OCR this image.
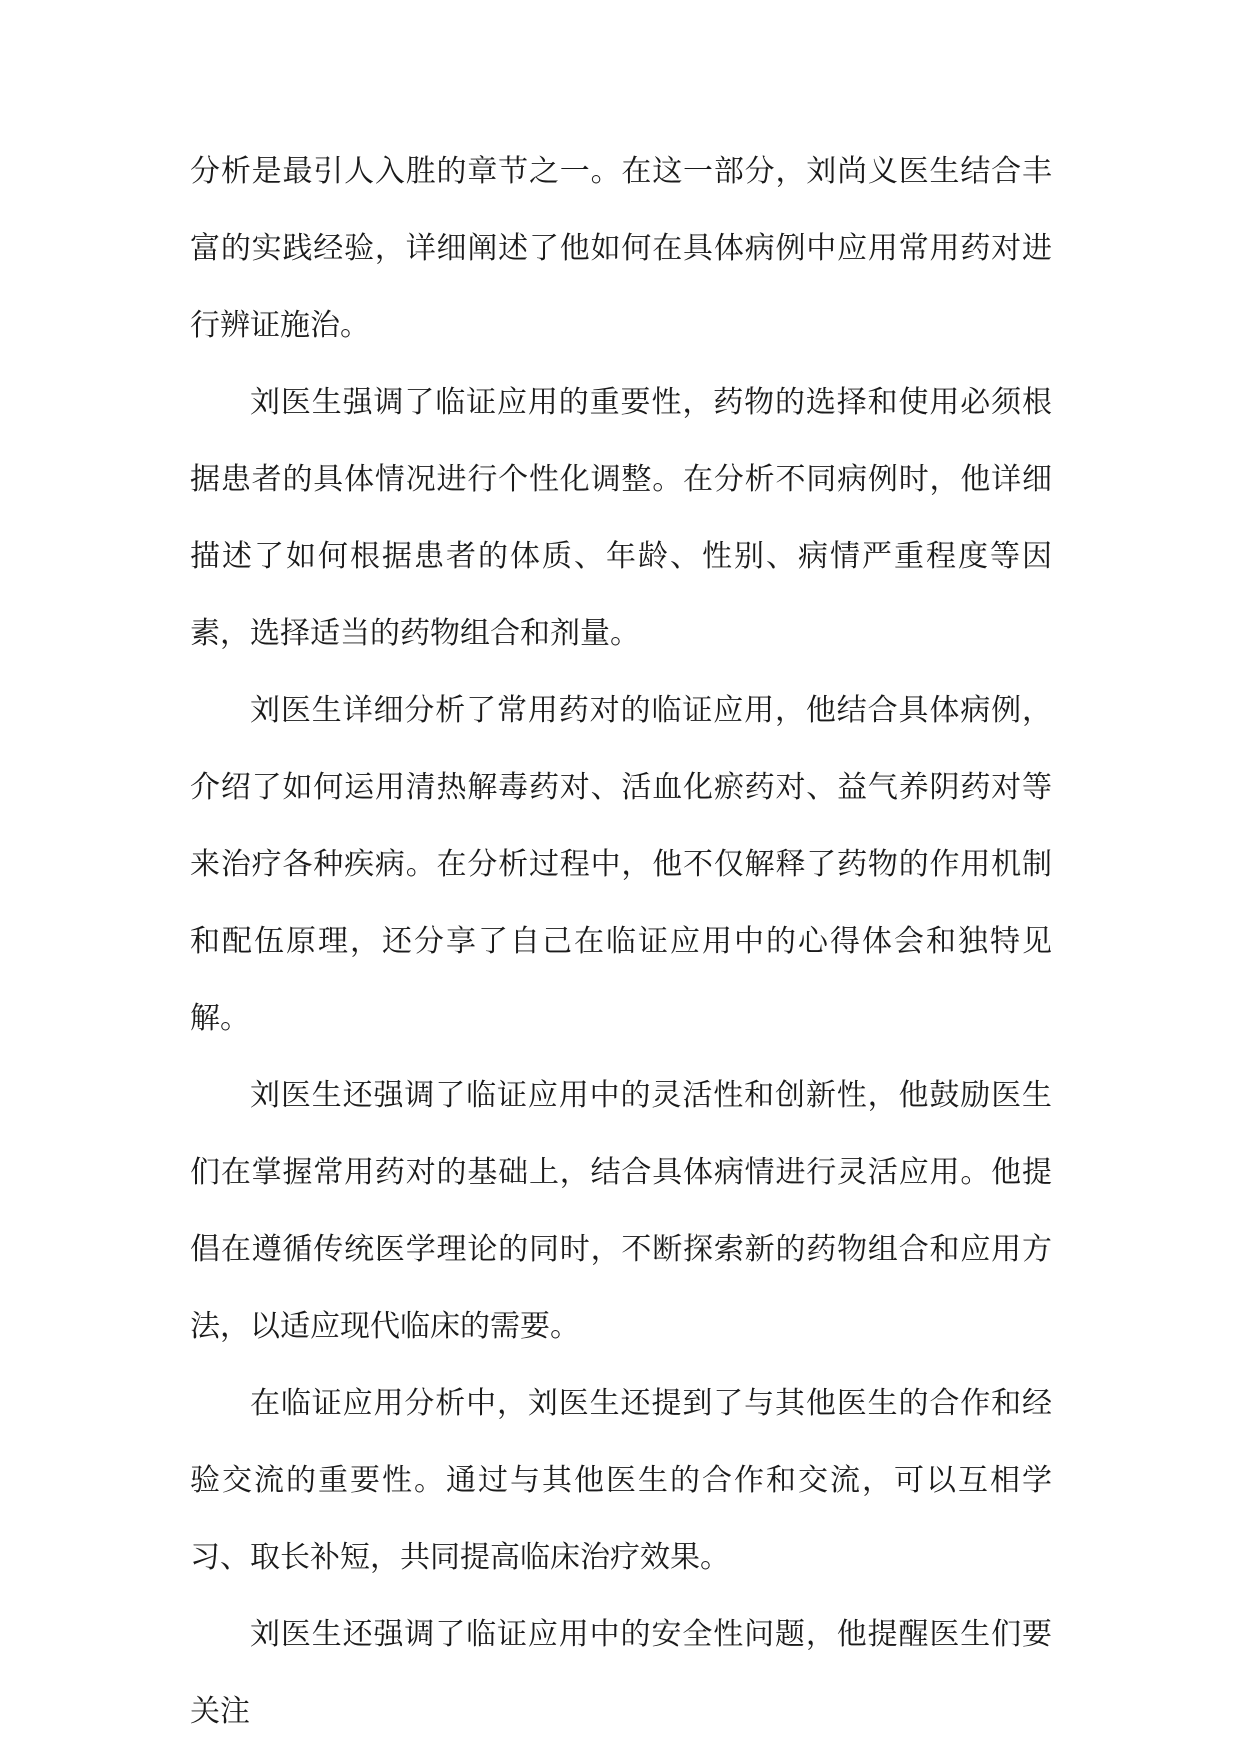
分析是最引人入胜的章节之一。在这一部分，刘尚义医生结合丰富的实践经验，详细阐述了他如何在具体病例中应用常用药对进行辨证施治。

刘医生强调了临证应用的重要性，药物的选择和使用必须根据患者的具体情况进行个性化调整。在分析不同病例时，他详细描述了如何根据患者的体质、年龄、性别、病情严重程度等因素，选择适当的药物组合和剂量。

刘医生详细分析了常用药对的临证应用，他结合具体病例，介绍了如何运用清热解毒药对、活血化瘀药对、益气养阴药对等来治疗各种疾病。在分析过程中，他不仅解释了药物的作用机制和配伍原理，还分享了自己在临证应用中的心得体会和独特见解。

刘医生还强调了临证应用中的灵活性和创新性，他鼓励医生们在掌握常用药对的基础上，结合具体病情进行灵活应用。他提倡在遵循传统医学理论的同时，不断探索新的药物组合和应用方法，以适应现代临床的需要。

在临证应用分析中，刘医生还提到了与其他医生的合作和经验交流的重要性。通过与其他医生的合作和交流，可以互相学习、取长补短，共同提高临床治疗效果。

刘医生还强调了临证应用中的安全性问题，他提醒医生们要关注
